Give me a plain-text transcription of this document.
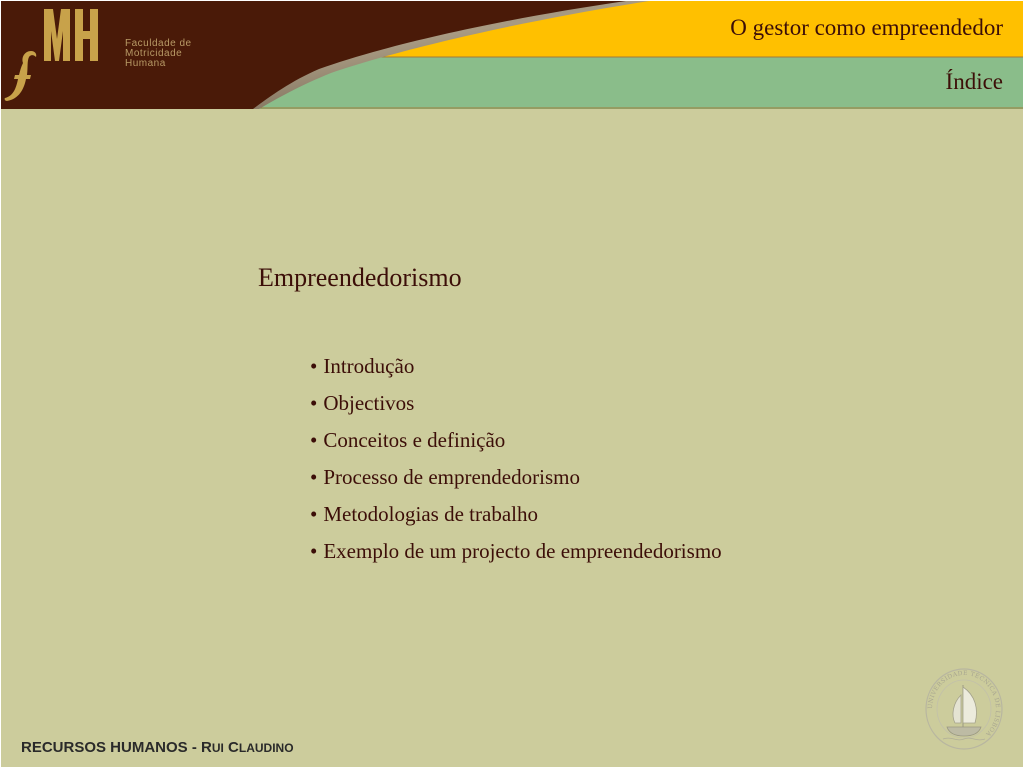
Faculdade de
Motricidade
Humana
O gestor como empreendedor
Índice
Empreendedorismo
• Introdução
• Objectivos
• Conceitos e definição
• Processo de emprendedorismo
• Metodologias de trabalho
• Exemplo de um projecto de empreendedorismo
RECURSOS HUMANOS - RUI CLAUDINO
UNIVERSIDADE TÉCNICA DE LISBOA
